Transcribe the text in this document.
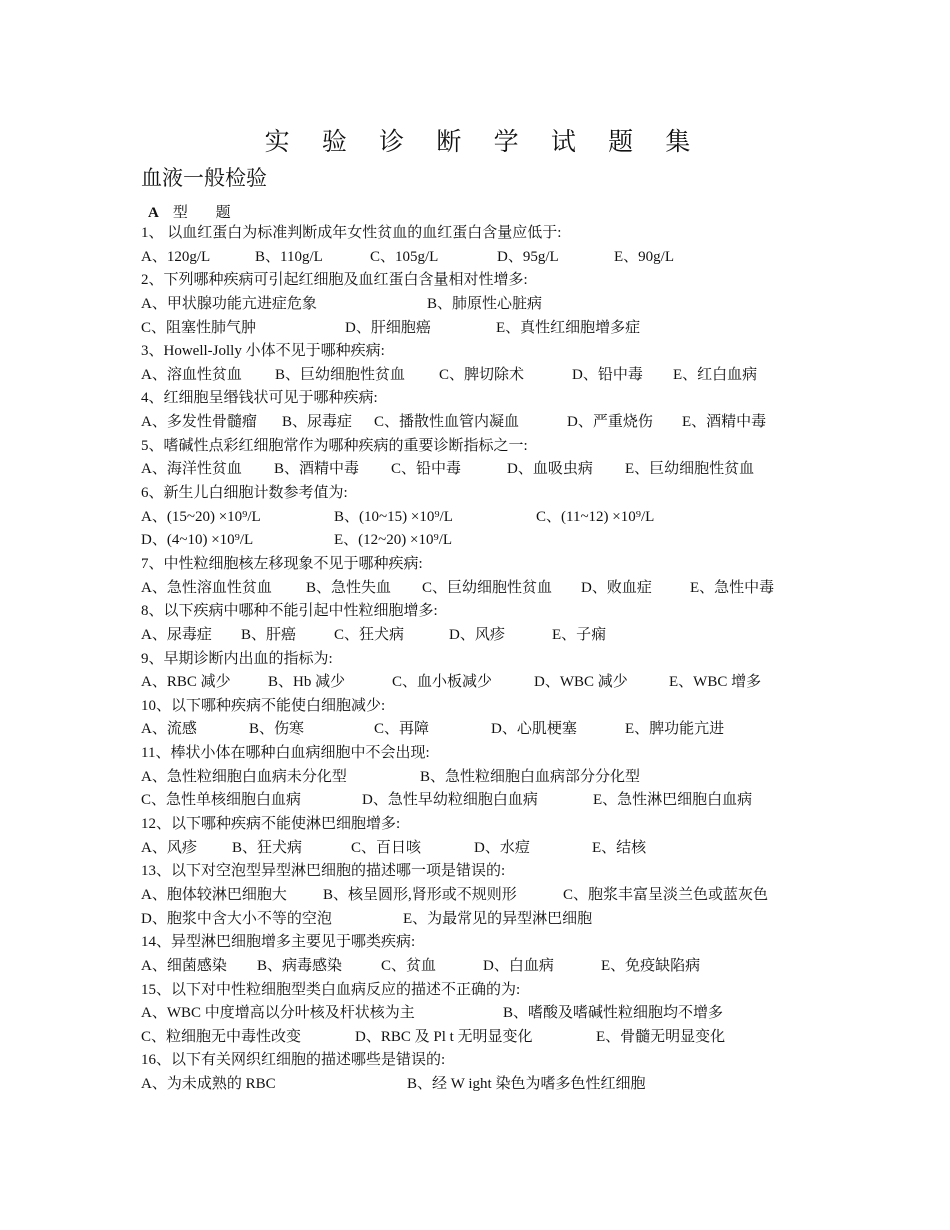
实 验 诊 断 学 试 题 集
血液一般检验
A 型 题
1、 以血红蛋白为标准判断成年女性贫血的血红蛋白含量应低于:
A、120g/L	B、110g/L	C、105g/L	D、95g/L	E、90g/L
2、下列哪种疾病可引起红细胞及血红蛋白含量相对性增多:
A、甲状腺功能亢进症危象	B、肺原性心脏病
C、阻塞性肺气肿	D、肝细胞癌	E、真性红细胞增多症
3、Howell-Jolly 小体不见于哪种疾病:
A、溶血性贫血 B、巨幼细胞性贫血 C、脾切除术	D、铅中毒 E、红白血病
4、红细胞呈缗钱状可见于哪种疾病:
A、多发性骨髓瘤 B、尿毒症 C、播散性血管内凝血	D、严重烧伤 E、酒精中毒
5、嗜碱性点彩红细胞常作为哪种疾病的重要诊断指标之一:
A、海洋性贫血 B、酒精中毒 C、铅中毒	D、血吸虫病 E、巨幼细胞性贫血
6、新生儿白细胞计数参考值为:
A、(15~20) ×10⁹/L	B、(10~15) ×10⁹/L	C、(11~12) ×10⁹/L
D、(4~10) ×10⁹/L	E、(12~20) ×10⁹/L
7、中性粒细胞核左移现象不见于哪种疾病:
A、急性溶血性贫血 B、急性失血 C、巨幼细胞性贫血 D、败血症	E、急性中毒
8、以下疾病中哪种不能引起中性粒细胞增多:
A、尿毒症 B、肝癌	C、狂犬病	D、风疹	E、子痫
9、早期诊断内出血的指标为:
A、RBC 减少 B、Hb 减少	C、血小板减少	D、WBC 减少	E、WBC 增多
10、以下哪种疾病不能使白细胞减少:
A、流感	B、伤寒	C、再障	D、心肌梗塞	E、脾功能亢进
11、棒状小体在哪种白血病细胞中不会出现:
A、急性粒细胞白血病未分化型	B、急性粒细胞白血病部分分化型
C、急性单核细胞白血病	D、急性早幼粒细胞白血病	E、急性淋巴细胞白血病
12、以下哪种疾病不能使淋巴细胞增多:
A、风疹 B、狂犬病	C、百日咳	D、水痘	E、结核
13、以下对空泡型异型淋巴细胞的描述哪一项是错误的:
A、胞体较淋巴细胞大 B、核呈圆形,肾形或不规则形	C、胞浆丰富呈淡兰色或蓝灰色
D、胞浆中含大小不等的空泡	E、为最常见的异型淋巴细胞
14、异型淋巴细胞增多主要见于哪类疾病:
A、细菌感染 B、病毒感染	C、贫血	D、白血病	E、免疫缺陷病
15、以下对中性粒细胞型类白血病反应的描述不正确的为:
A、WBC 中度增高以分叶核及杆状核为主	B、嗜酸及嗜碱性粒细胞均不增多
C、粒细胞无中毒性改变	D、RBC 及 Pl t 无明显变化	E、骨髓无明显变化
16、以下有关网织红细胞的描述哪些是错误的:
A、为未成熟的 RBC	B、经 W ight 染色为嗜多色性红细胞
